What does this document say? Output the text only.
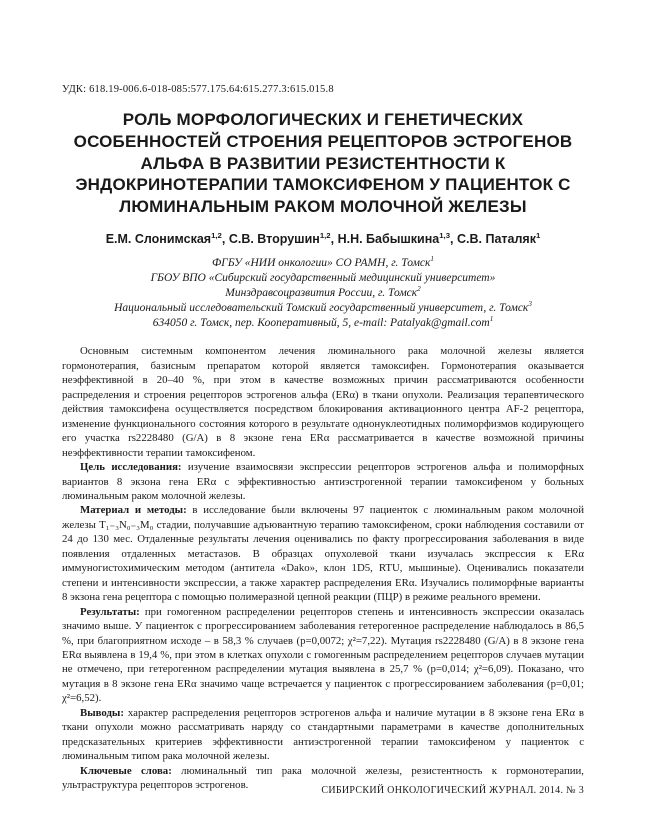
УДК: 618.19-006.6-018-085:577.175.64:615.277.3:615.015.8
РОЛЬ МОРФОЛОГИЧЕСКИХ И ГЕНЕТИЧЕСКИХ ОСОБЕННОСТЕЙ СТРОЕНИЯ РЕЦЕПТОРОВ ЭСТРОГЕНОВ АЛЬФА В РАЗВИТИИ РЕЗИСТЕНТНОСТИ К ЭНДОКРИНОТЕРАПИИ ТАМОКСИФЕНОМ У ПАЦИЕНТОК С ЛЮМИНАЛЬНЫМ РАКОМ МОЛОЧНОЙ ЖЕЛЕЗЫ
Е.М. Слонимская$^{1,2}$, С.В. Вторушин$^{1,2}$, Н.Н. Бабышкина$^{1,3}$, С.В. Паталяк$^1$
ФГБУ «НИИ онкологии» СО РАМН, г. Томск$^1$
ГБОУ ВПО «Сибирский государственный медицинский университет»
Минздравсоцразвития России, г. Томск$^2$
Национальный исследовательский Томский государственный университет, г. Томск$^3$
634050 г. Томск, пер. Кооперативный, 5, e-mail: Patalyak@gmail.com$^1$

Основным системным компонентом лечения люминального рака молочной железы является гормонотерапия, базисным препаратом которой является тамоксифен. Гормонотерапия оказывается неэффективной в 20–40 %, при этом в качестве возможных причин рассматриваются особенности распределения и строения рецепторов эстрогенов альфа (ERα) в ткани опухоли. Реализация терапевтического действия тамоксифена осуществляется посредством блокирования активационного центра AF-2 рецептора, изменение функционального состояния которого в результате однонуклеотидных полиморфизмов кодирующего его участка rs2228480 (G/A) в 8 экзоне гена ERα рассматривается в качестве возможной причины неэффективности терапии тамоксифеном.

Цель исследования: изучение взаимосвязи экспрессии рецепторов эстрогенов альфа и полиморфных вариантов 8 экзона гена ERα с эффективностью антиэстрогенной терапии тамоксифеном у больных люминальным раком молочной железы.

Материал и методы: в исследование были включены 97 пациенток с люминальным раком молочной железы T₁₋₃N₀₋₃M₀ стадии, получавшие адъювантную терапию тамоксифеном, сроки наблюдения составили от 24 до 130 мес. Отдаленные результаты лечения оценивались по факту прогрессирования заболевания в виде появления отдаленных метастазов. В образцах опухолевой ткани изучалась экспрессия к ERα иммуногистохимическим методом (антитела «Dako», клон 1D5, RTU, мышиные). Оценивались показатели степени и интенсивности экспрессии, а также характер распределения ERα. Изучались полиморфные варианты 8 экзона гена рецептора с помощью полимеразной цепной реакции (ПЦР) в режиме реального времени.

Результаты: при гомогенном распределении рецепторов степень и интенсивность экспрессии оказалась значимо выше. У пациенток с прогрессированием заболевания гетерогенное распределение наблюдалось в 86,5 %, при благоприятном исходе – в 58,3 % случаев (p=0,0072; χ²=7,22). Мутация rs2228480 (G/A) в 8 экзоне гена ERα выявлена в 19,4 %, при этом в клетках опухоли с гомогенным распределением рецепторов случаев мутации не отмечено, при гетерогенном распределении мутация выявлена в 25,7 % (p=0,014; χ²=6,09). Показано, что мутация в 8 экзоне гена ERα значимо чаще встречается у пациенток с прогрессированием заболевания (p=0,01; χ²=6,52).

Выводы: характер распределения рецепторов эстрогенов альфа и наличие мутации в 8 экзоне гена ERα в ткани опухоли можно рассматривать наряду со стандартными параметрами в качестве дополнительных предсказательных критериев эффективности антиэстрогенной терапии тамоксифеном у пациенток с люминальным типом рака молочной железы.

Ключевые слова: люминальный тип рака молочной железы, резистентность к гормонотерапии, ультраструктура рецепторов эстрогенов.	СИБИРСКИЙ ОНКОЛОГИЧЕСКИЙ ЖУРНАЛ. 2014. № 3
